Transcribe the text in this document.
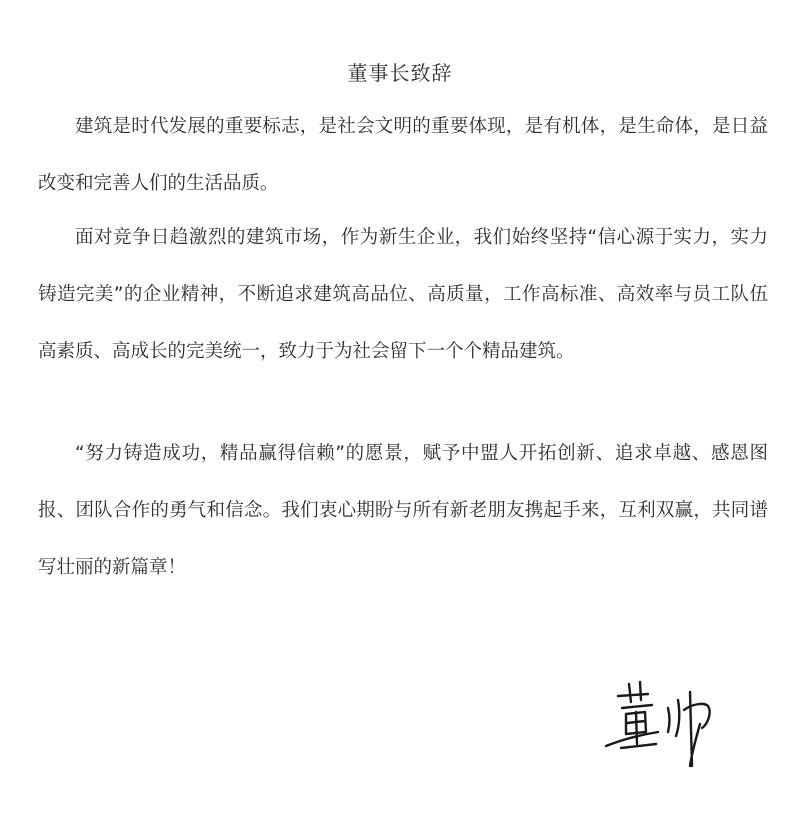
董事长致辞

建筑是时代发展的重要标志，是社会文明的重要体现，是有机体，是生命体，是日益改变和完善人们的生活品质。

面对竞争日趋激烈的建筑市场，作为新生企业，我们始终坚持“信心源于实力，实力铸造完美”的企业精神，不断追求建筑高品位、高质量，工作高标准、高效率与员工队伍高素质、高成长的完美统一，致力于为社会留下一个个精品建筑。

“努力铸造成功，精品赢得信赖”的愿景，赋予中盟人开拓创新、追求卓越、感恩图报、团队合作的勇气和信念。我们衷心期盼与所有新老朋友携起手来，互利双赢，共同谱写壮丽的新篇章！
